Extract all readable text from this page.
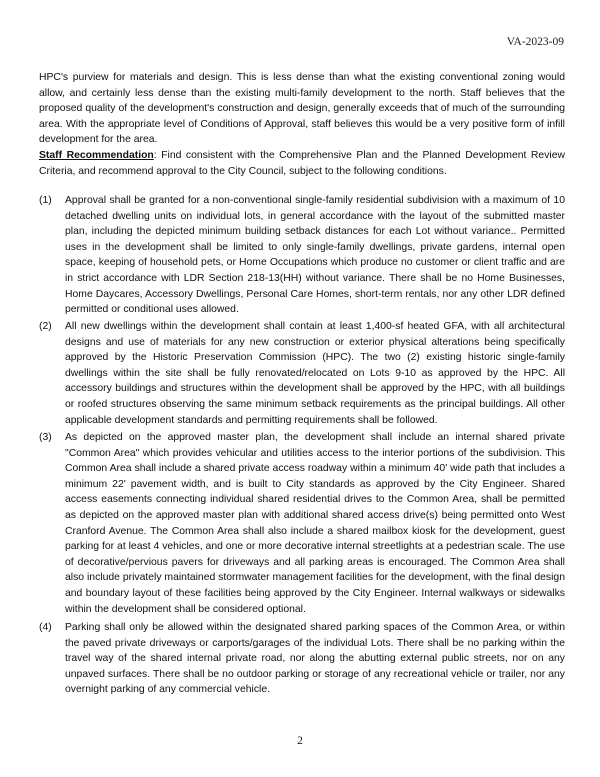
VA-2023-09

HPC's purview for materials and design. This is less dense than what the existing conventional zoning would allow, and certainly less dense than the existing multi-family development to the north. Staff believes that the proposed quality of the development's construction and design, generally exceeds that of much of the surrounding area. With the appropriate level of Conditions of Approval, staff believes this would be a very positive form of infill development for the area.

Staff Recommendation: Find consistent with the Comprehensive Plan and the Planned Development Review Criteria, and recommend approval to the City Council, subject to the following conditions.

(1) Approval shall be granted for a non-conventional single-family residential subdivision with a maximum of 10 detached dwelling units on individual lots, in general accordance with the layout of the submitted master plan, including the depicted minimum building setback distances for each Lot without variance.. Permitted uses in the development shall be limited to only single-family dwellings, private gardens, internal open space, keeping of household pets, or Home Occupations which produce no customer or client traffic and are in strict accordance with LDR Section 218-13(HH) without variance. There shall be no Home Businesses, Home Daycares, Accessory Dwellings, Personal Care Homes, short-term rentals, nor any other LDR defined permitted or conditional uses allowed.

(2) All new dwellings within the development shall contain at least 1,400-sf heated GFA, with all architectural designs and use of materials for any new construction or exterior physical alterations being specifically approved by the Historic Preservation Commission (HPC). The two (2) existing historic single-family dwellings within the site shall be fully renovated/relocated on Lots 9-10 as approved by the HPC. All accessory buildings and structures within the development shall be approved by the HPC, with all buildings or roofed structures observing the same minimum setback requirements as the principal buildings. All other applicable development standards and permitting requirements shall be followed.

(3) As depicted on the approved master plan, the development shall include an internal shared private "Common Area" which provides vehicular and utilities access to the interior portions of the subdivision. This Common Area shall include a shared private access roadway within a minimum 40' wide path that includes a minimum 22' pavement width, and is built to City standards as approved by the City Engineer. Shared access easements connecting individual shared residential drives to the Common Area, shall be permitted as depicted on the approved master plan with additional shared access drive(s) being permitted onto West Cranford Avenue. The Common Area shall also include a shared mailbox kiosk for the development, guest parking for at least 4 vehicles, and one or more decorative internal streetlights at a pedestrian scale. The use of decorative/pervious pavers for driveways and all parking areas is encouraged. The Common Area shall also include privately maintained stormwater management facilities for the development, with the final design and boundary layout of these facilities being approved by the City Engineer. Internal walkways or sidewalks within the development shall be considered optional.

(4) Parking shall only be allowed within the designated shared parking spaces of the Common Area, or within the paved private driveways or carports/garages of the individual Lots. There shall be no parking within the travel way of the shared internal private road, nor along the abutting external public streets, nor on any unpaved surfaces. There shall be no outdoor parking or storage of any recreational vehicle or trailer, nor any overnight parking of any commercial vehicle.

2
